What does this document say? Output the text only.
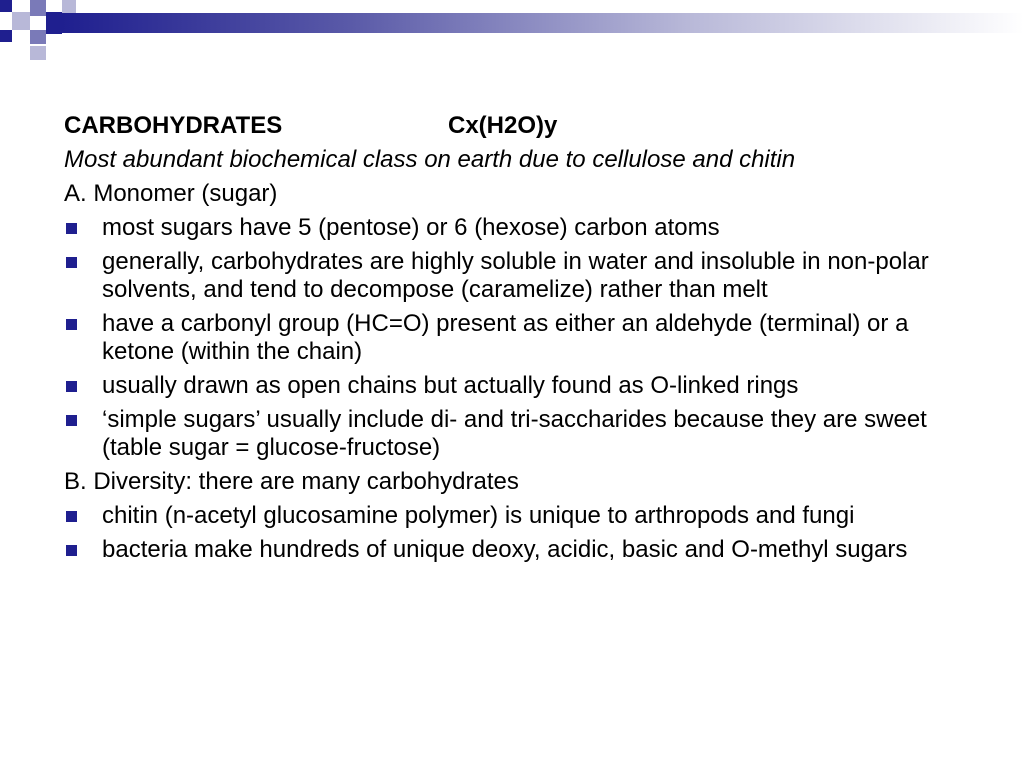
CARBOHYDRATES	Cx(H2O)y
Most abundant biochemical class on earth due to cellulose and chitin
A. Monomer (sugar)
most sugars have 5 (pentose) or 6 (hexose) carbon atoms
generally, carbohydrates are highly soluble in water and insoluble in non-polar solvents, and tend to decompose (caramelize) rather than melt
have a carbonyl group (HC=O) present as either an aldehyde (terminal) or a ketone (within the chain)
usually drawn as open chains but actually found as O-linked rings
‘simple sugars’ usually include di- and tri-saccharides because they are sweet (table sugar = glucose-fructose)
B. Diversity: there are many carbohydrates
chitin (n-acetyl glucosamine polymer) is unique to arthropods and fungi
bacteria make hundreds of unique deoxy, acidic, basic and O-methyl sugars
